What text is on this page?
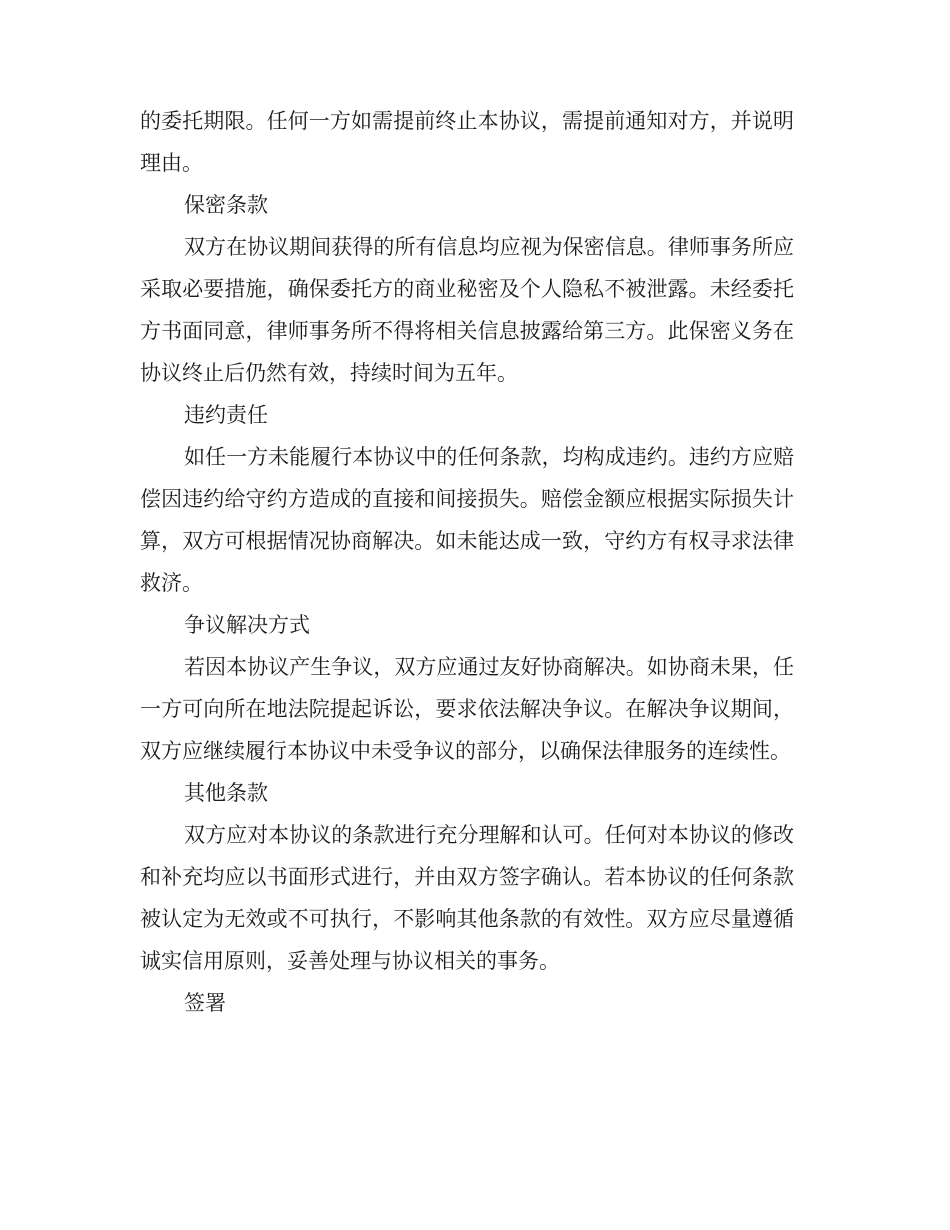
的委托期限。任何一方如需提前终止本协议，需提前通知对方，并说明理由。

保密条款

双方在协议期间获得的所有信息均应视为保密信息。律师事务所应采取必要措施，确保委托方的商业秘密及个人隐私不被泄露。未经委托方书面同意，律师事务所不得将相关信息披露给第三方。此保密义务在协议终止后仍然有效，持续时间为五年。

违约责任

如任一方未能履行本协议中的任何条款，均构成违约。违约方应赔偿因违约给守约方造成的直接和间接损失。赔偿金额应根据实际损失计算，双方可根据情况协商解决。如未能达成一致，守约方有权寻求法律救济。

争议解决方式

若因本协议产生争议，双方应通过友好协商解决。如协商未果，任一方可向所在地法院提起诉讼，要求依法解决争议。在解决争议期间，双方应继续履行本协议中未受争议的部分，以确保法律服务的连续性。

其他条款

双方应对本协议的条款进行充分理解和认可。任何对本协议的修改和补充均应以书面形式进行，并由双方签字确认。若本协议的任何条款被认定为无效或不可执行，不影响其他条款的有效性。双方应尽量遵循诚实信用原则，妥善处理与协议相关的事务。

签署
